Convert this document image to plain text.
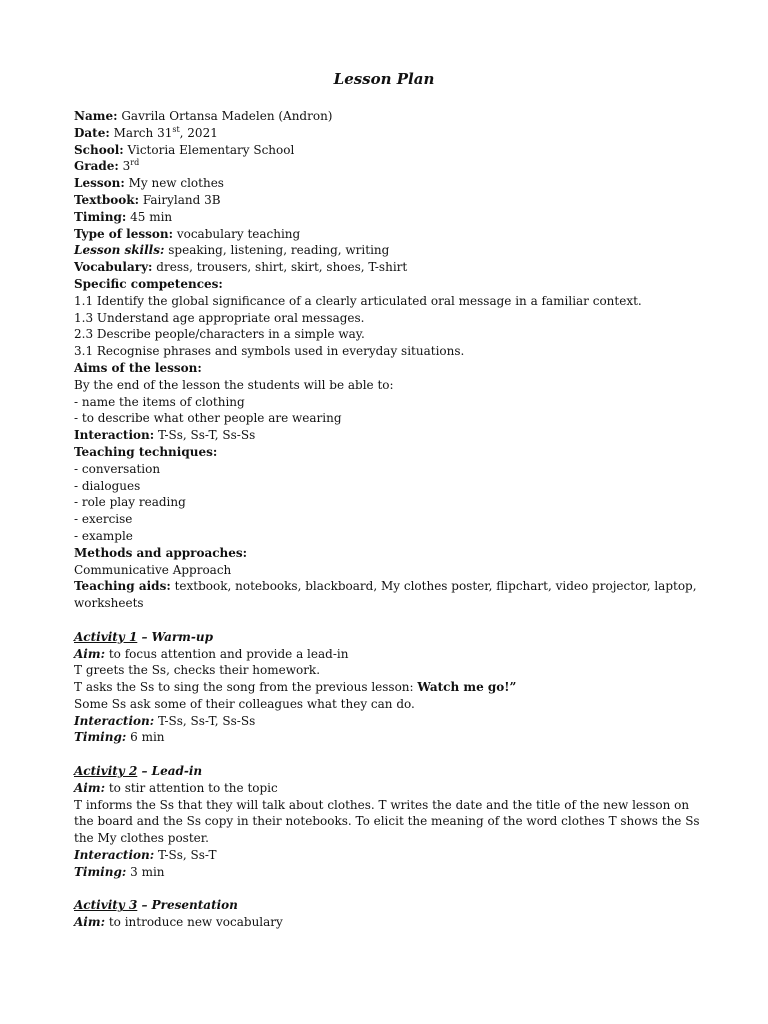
Lesson Plan
Name: Gavrila Ortansa Madelen (Andron)
Date: March 31st, 2021
School: Victoria Elementary School
Grade: 3rd
Lesson: My new clothes
Textbook: Fairyland 3B
Timing: 45 min
Type of lesson: vocabulary teaching
Lesson skills: speaking, listening, reading, writing
Vocabulary: dress, trousers, shirt, skirt, shoes, T-shirt
Specific competences:
1.1 Identify the global significance of a clearly articulated oral message in a familiar context.
1.3 Understand age appropriate oral messages.
2.3 Describe people/characters in a simple way.
3.1 Recognise phrases and symbols used in everyday situations.
Aims of the lesson:
By the end of the lesson the students will be able to:
- name the items of clothing
- to describe what other people are wearing
Interaction: T-Ss, Ss-T, Ss-Ss
Teaching techniques:
- conversation
- dialogues
- role play reading
- exercise
- example
Methods and approaches:
Communicative Approach
Teaching aids: textbook, notebooks, blackboard, My clothes poster, flipchart, video projector, laptop, worksheets
Activity 1 – Warm-up
Aim: to focus attention and provide a lead-in
T greets the Ss, checks their homework.
T asks the Ss to sing the song from the previous lesson: Watch me go!”
Some Ss ask some of their colleagues what they can do.
Interaction: T-Ss, Ss-T, Ss-Ss
Timing: 6 min
Activity 2 – Lead-in
Aim: to stir attention to the topic
T informs the Ss that they will talk about clothes. T writes the date and the title of the new lesson on the board and the Ss copy in their notebooks. To elicit the meaning of the word clothes T shows the Ss the My clothes poster.
Interaction: T-Ss, Ss-T
Timing: 3 min
Activity 3 – Presentation
Aim: to introduce new vocabulary
